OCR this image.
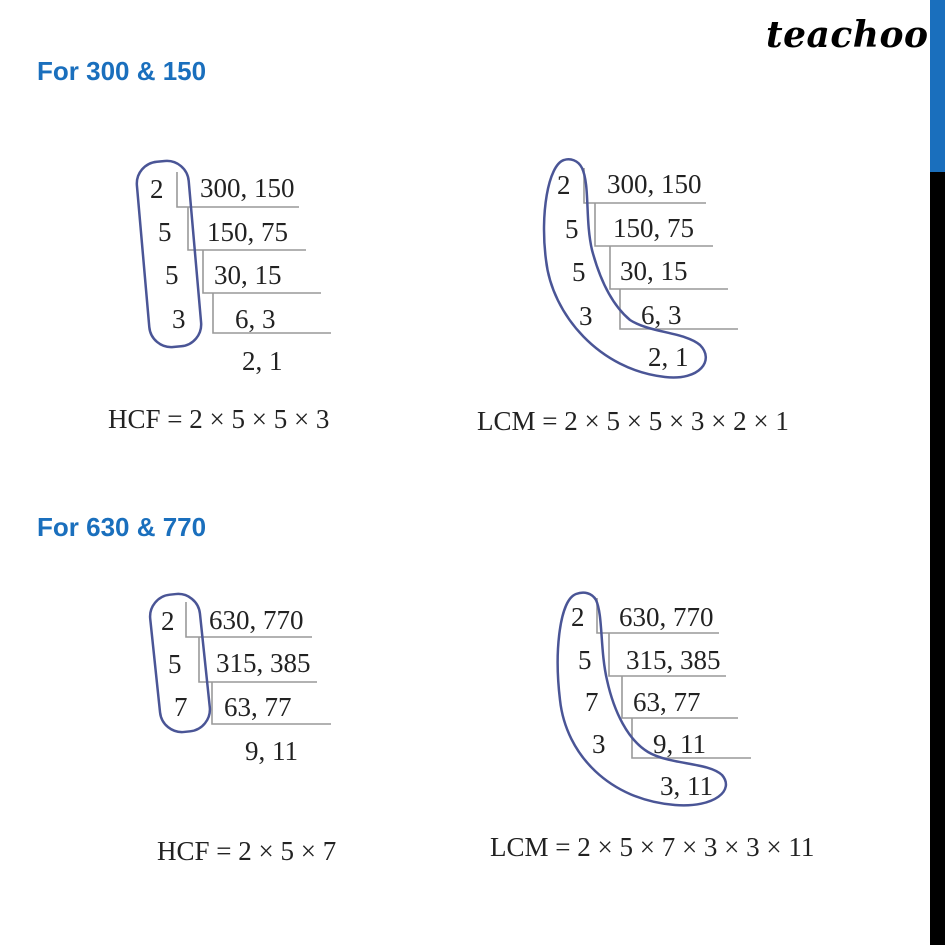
teachoo
For 300 & 150
For 630 & 770
2
5
5
3
300, 150
150, 75
30, 15
6, 3
2, 1
2
5
5
3
300, 150
150, 75
30, 15
6, 3
2, 1
2
5
7
630, 770
315, 385
63, 77
9, 11
2
5
7
3
630, 770
315, 385
63, 77
9, 11
3, 11
HCF = 2 × 5 × 5 × 3	LCM = 2 × 5 × 5 × 3 × 2 × 1
HCF = 2 × 5 × 7	LCM = 2 × 5 × 7 × 3 × 3 × 11
